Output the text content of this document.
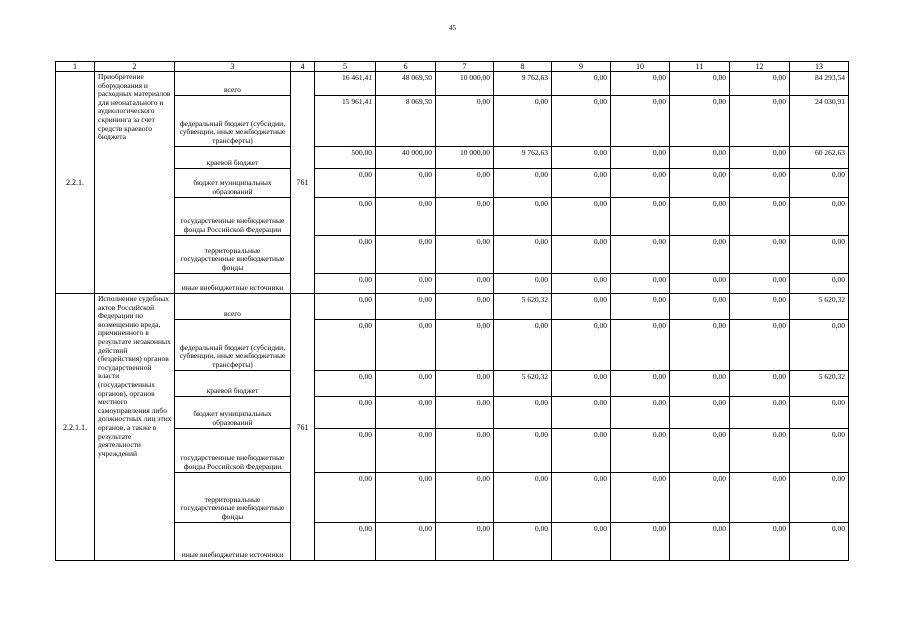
45
1	2	3	4	5	6	7	8	9	10	11	12	13
2.2.1.	Приобретение оборудования и расходных материалов для неонатального и аудиологического скрининга за счет средств краевого бюджета	всего	761	16 461,41	48 069,50	10 000,00	9 762,63	0,00	0,00	0,00	0,00	84 293,54
		федеральный бюджет (субсидии, субвенции, иные межбюджетные трансферты)		15 961,41	8 069,50	0,00	0,00	0,00	0,00	0,00	0,00	24 030,91
		краевой бюджет		500,00	40 000,00	10 000,00	9 762,63	0,00	0,00	0,00	0,00	60 262,63
		бюджет муниципальных образований		0,00	0,00	0,00	0,00	0,00	0,00	0,00	0,00	0,00
		государственные внебюджетные фонды Российской Федерации		0,00	0,00	0,00	0,00	0,00	0,00	0,00	0,00	0,00
		территориальные государственные внебюджетные фонды		0,00	0,00	0,00	0,00	0,00	0,00	0,00	0,00	0,00
		иные внебюджетные источники		0,00	0,00	0,00	0,00	0,00	0,00	0,00	0,00	0,00
2.2.1.1.	Исполнение судебных актов Российской Федерации по возмещению вреда, причиненного в результате незаконных действий (бездействия) органов государственной власти (государственных органов), органов местного самоуправления либо должностных лиц этих органов, а также в результате деятельности учреждений	всего	761	0,00	0,00	0,00	5 620,32	0,00	0,00	0,00	0,00	5 620,32
		федеральный бюджет (субсидии, субвенции, иные межбюджетные трансферты)		0,00	0,00	0,00	0,00	0,00	0,00	0,00	0,00	0,00
		краевой бюджет		0,00	0,00	0,00	5 620,32	0,00	0,00	0,00	0,00	5 620,32
		бюджет муниципальных образований		0,00	0,00	0,00	0,00	0,00	0,00	0,00	0,00	0,00
		государственные внебюджетные фонды Российской Федерации		0,00	0,00	0,00	0,00	0,00	0,00	0,00	0,00	0,00
		территориальные государственные внебюджетные фонды		0,00	0,00	0,00	0,00	0,00	0,00	0,00	0,00	0,00
		иные внебюджетные источники		0,00	0,00	0,00	0,00	0,00	0,00	0,00	0,00	0,00
